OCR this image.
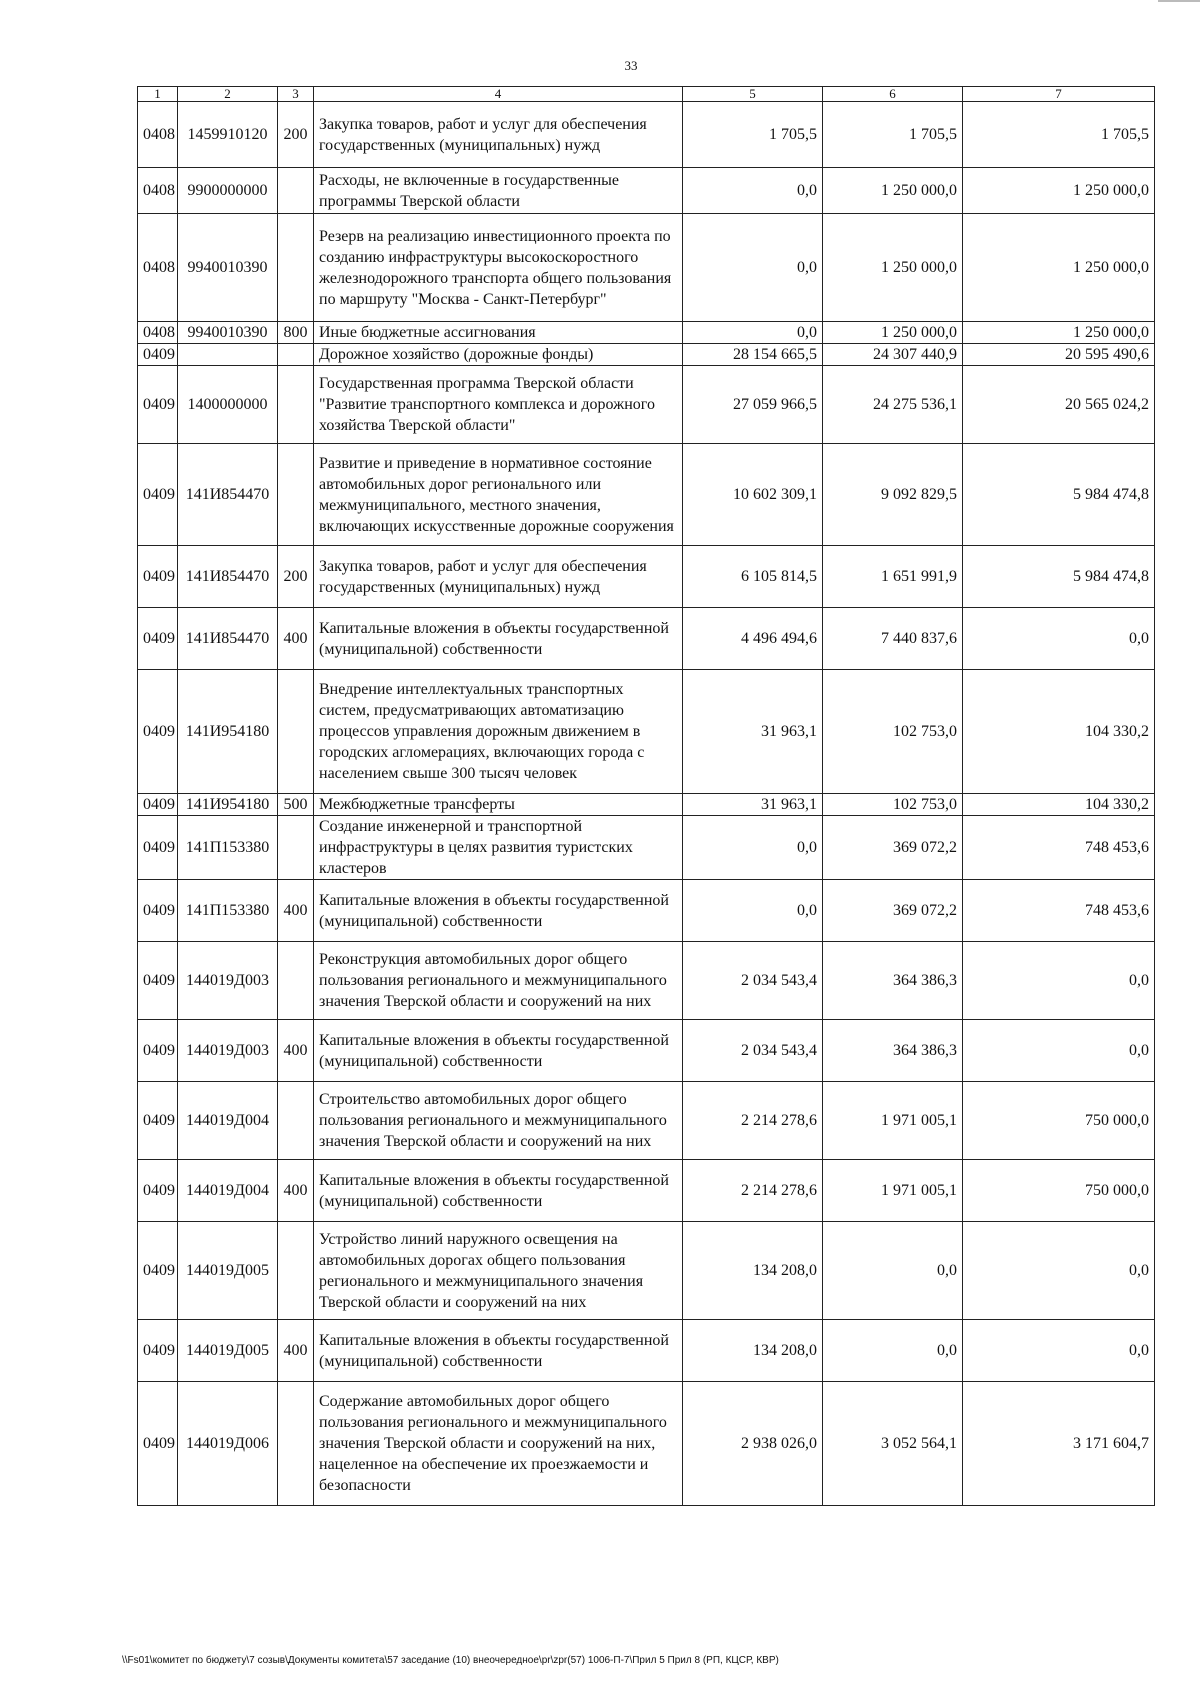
33
1	2	3	4	5	6	7
0408	1459910120	200	Закупка товаров, работ и услуг для обеспечения государственных (муниципальных) нужд	1 705,5	1 705,5	1 705,5
0408	9900000000		Расходы, не включенные в государственные программы Тверской области	0,0	1 250 000,0	1 250 000,0
0408	9940010390		Резерв на реализацию инвестиционного проекта по созданию инфраструктуры высокоскоростного железнодорожного транспорта общего пользования по маршруту "Москва - Санкт-Петербург"	0,0	1 250 000,0	1 250 000,0
0408	9940010390	800	Иные бюджетные ассигнования	0,0	1 250 000,0	1 250 000,0
0409			Дорожное хозяйство (дорожные фонды)	28 154 665,5	24 307 440,9	20 595 490,6
0409	1400000000		Государственная программа Тверской области "Развитие транспортного комплекса и дорожного хозяйства Тверской области"	27 059 966,5	24 275 536,1	20 565 024,2
0409	141И854470		Развитие и приведение в нормативное состояние автомобильных дорог регионального или межмуниципального, местного значения, включающих искусственные дорожные сооружения	10 602 309,1	9 092 829,5	5 984 474,8
0409	141И854470	200	Закупка товаров, работ и услуг для обеспечения государственных (муниципальных) нужд	6 105 814,5	1 651 991,9	5 984 474,8
0409	141И854470	400	Капитальные вложения в объекты государственной (муниципальной) собственности	4 496 494,6	7 440 837,6	0,0
0409	141И954180		Внедрение интеллектуальных транспортных систем, предусматривающих автоматизацию процессов управления дорожным движением в городских агломерациях, включающих города с населением свыше 300 тысяч человек	31 963,1	102 753,0	104 330,2
0409	141И954180	500	Межбюджетные трансферты	31 963,1	102 753,0	104 330,2
0409	141П153380		Создание инженерной и транспортной инфраструктуры в целях развития туристских кластеров	0,0	369 072,2	748 453,6
0409	141П153380	400	Капитальные вложения в объекты государственной (муниципальной) собственности	0,0	369 072,2	748 453,6
0409	144019Д003		Реконструкция автомобильных дорог общего пользования регионального и межмуниципального значения Тверской области и сооружений на них	2 034 543,4	364 386,3	0,0
0409	144019Д003	400	Капитальные вложения в объекты государственной (муниципальной) собственности	2 034 543,4	364 386,3	0,0
0409	144019Д004		Строительство автомобильных дорог общего пользования регионального и межмуниципального значения Тверской области и сооружений на них	2 214 278,6	1 971 005,1	750 000,0
0409	144019Д004	400	Капитальные вложения в объекты государственной (муниципальной) собственности	2 214 278,6	1 971 005,1	750 000,0
0409	144019Д005		Устройство линий наружного освещения на автомобильных дорогах общего пользования регионального и межмуниципального значения Тверской области и сооружений на них	134 208,0	0,0	0,0
0409	144019Д005	400	Капитальные вложения в объекты государственной (муниципальной) собственности	134 208,0	0,0	0,0
0409	144019Д006		Содержание автомобильных дорог общего пользования регионального и межмуниципального значения Тверской области и сооружений на них, нацеленное на обеспечение их проезжаемости и безопасности	2 938 026,0	3 052 564,1	3 171 604,7
\\Fs01\комитет по бюджету\7 созыв\Документы комитета\57 заседание (10) внеочередное\pr\zpr(57) 1006-П-7\Прил 5 Прил 8 (РП, КЦСР, КВР)
